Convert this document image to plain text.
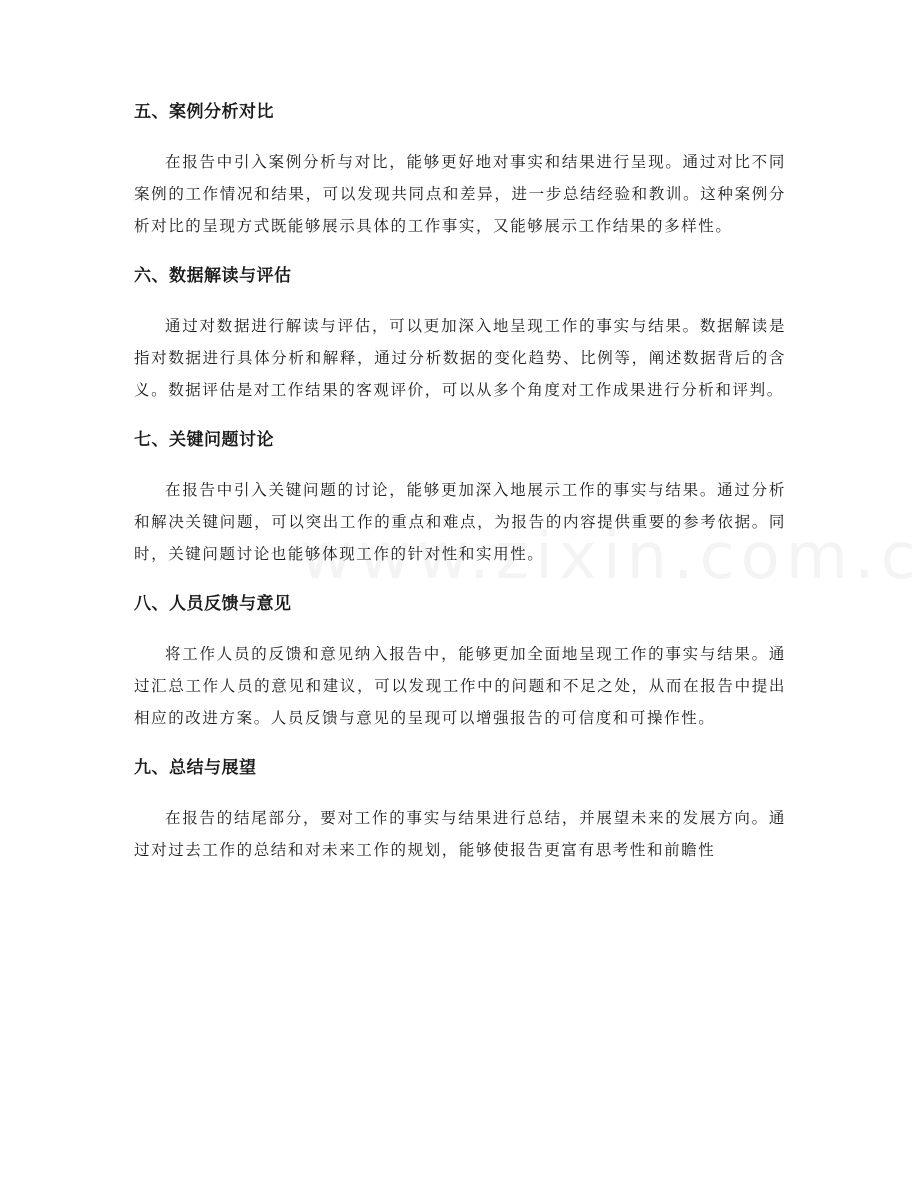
五、案例分析对比

在报告中引入案例分析与对比，能够更好地对事实和结果进行呈现。通过对比不同案例的工作情况和结果，可以发现共同点和差异，进一步总结经验和教训。这种案例分析对比的呈现方式既能够展示具体的工作事实，又能够展示工作结果的多样性。

六、数据解读与评估

通过对数据进行解读与评估，可以更加深入地呈现工作的事实与结果。数据解读是指对数据进行具体分析和解释，通过分析数据的变化趋势、比例等，阐述数据背后的含义。数据评估是对工作结果的客观评价，可以从多个角度对工作成果进行分析和评判。

七、关键问题讨论

在报告中引入关键问题的讨论，能够更加深入地展示工作的事实与结果。通过分析和解决关键问题，可以突出工作的重点和难点，为报告的内容提供重要的参考依据。同时，关键问题讨论也能够体现工作的针对性和实用性。

八、人员反馈与意见

将工作人员的反馈和意见纳入报告中，能够更加全面地呈现工作的事实与结果。通过汇总工作人员的意见和建议，可以发现工作中的问题和不足之处，从而在报告中提出相应的改进方案。人员反馈与意见的呈现可以增强报告的可信度和可操作性。

九、总结与展望

在报告的结尾部分，要对工作的事实与结果进行总结，并展望未来的发展方向。通过对过去工作的总结和对未来工作的规划，能够使报告更富有思考性和前瞻性
